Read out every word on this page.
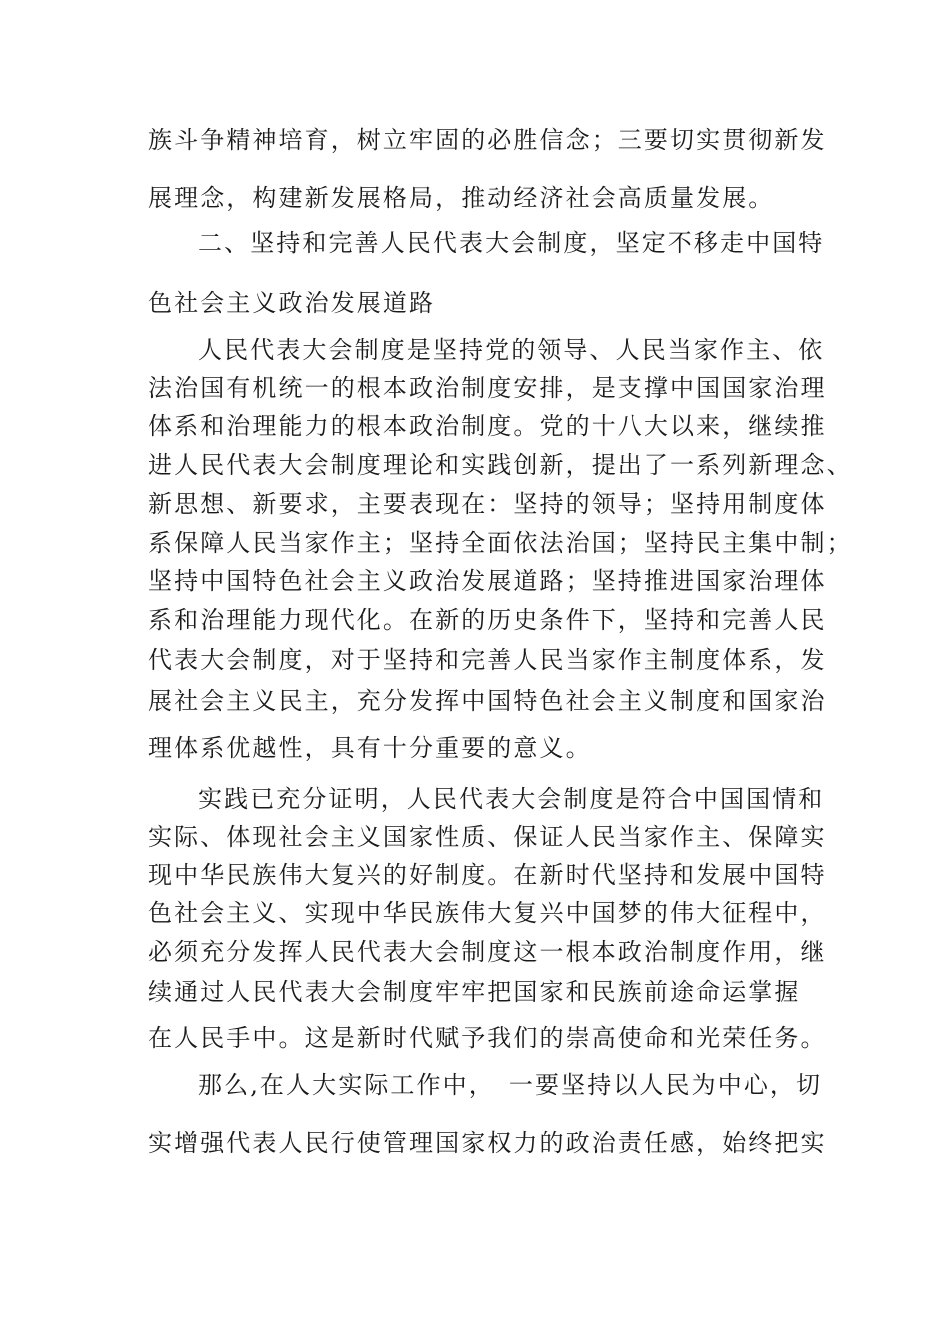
族斗争精神培育，树立牢固的必胜信念；三要切实贯彻新发
展理念，构建新发展格局，推动经济社会高质量发展。
二、坚持和完善人民代表大会制度，坚定不移走中国特
色社会主义政治发展道路
人民代表大会制度是坚持党的领导、人民当家作主、依
法治国有机统一的根本政治制度安排，是支撑中国国家治理
体系和治理能力的根本政治制度。党的十八大以来，继续推
进人民代表大会制度理论和实践创新，提出了一系列新理念、
新思想、新要求，主要表现在：坚持的领导；坚持用制度体
系保障人民当家作主；坚持全面依法治国；坚持民主集中制；
坚持中国特色社会主义政治发展道路；坚持推进国家治理体
系和治理能力现代化。在新的历史条件下，坚持和完善人民
代表大会制度，对于坚持和完善人民当家作主制度体系，发
展社会主义民主，充分发挥中国特色社会主义制度和国家治
理体系优越性，具有十分重要的意义。
实践已充分证明，人民代表大会制度是符合中国国情和
实际、体现社会主义国家性质、保证人民当家作主、保障实
现中华民族伟大复兴的好制度。在新时代坚持和发展中国特
色社会主义、实现中华民族伟大复兴中国梦的伟大征程中，
必须充分发挥人民代表大会制度这一根本政治制度作用，继
续通过人民代表大会制度牢牢把国家和民族前途命运掌握
在人民手中。这是新时代赋予我们的崇高使命和光荣任务。
那么,在人大实际工作中，　一要坚持以人民为中心，切
实增强代表人民行使管理国家权力的政治责任感，始终把实
